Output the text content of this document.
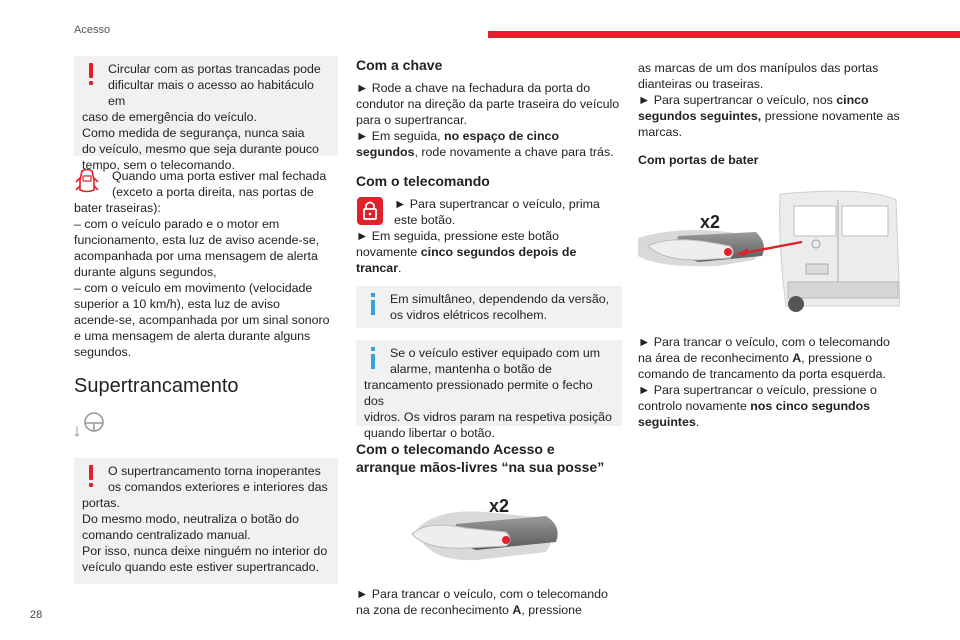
Acesso
Circular com as portas trancadas pode
dificultar mais o acesso ao habitáculo em
caso de emergência do veículo.
Como medida de segurança, nunca saia
do veículo, mesmo que seja durante pouco
tempo, sem o telecomando.
Quando uma porta estiver mal fechada
(exceto a porta direita, nas portas de
bater traseiras):
– com o veículo parado e o motor em
funcionamento, esta luz de aviso acende-se,
acompanhada por uma mensagem de alerta
durante alguns segundos,
– com o veículo em movimento (velocidade
superior a 10 km/h), esta luz de aviso
acende-se, acompanhada por um sinal sonoro
e uma mensagem de alerta durante alguns
segundos.
Supertrancamento
O supertrancamento torna inoperantes
os comandos exteriores e interiores das
portas.
Do mesmo modo, neutraliza o botão do
comando centralizado manual.
Por isso, nunca deixe ninguém no interior do
veículo quando este estiver supertrancado.
Com a chave
► Rode a chave na fechadura da porta do
condutor na direção da parte traseira do veículo
para o supertrancar.
► Em seguida, no espaço de cinco
segundos, rode novamente a chave para trás.
Com o telecomando
► Para supertrancar o veículo, prima
este botão.
► Em seguida, pressione este botão
novamente cinco segundos depois de trancar.
Em simultâneo, dependendo da versão,
os vidros elétricos recolhem.
Se o veículo estiver equipado com um
alarme, mantenha o botão de
trancamento pressionado permite o fecho dos
vidros. Os vidros param na respetiva posição
quando libertar o botão.
Com o telecomando Acesso e
arranque mãos-livres “na sua posse”
x2
► Para trancar o veículo, com o telecomando
na zona de reconhecimento A, pressione
as marcas de um dos manípulos das portas
dianteiras ou traseiras.
► Para supertrancar o veículo, nos cinco
segundos seguintes, pressione novamente as
marcas.
Com portas de bater
x2
► Para trancar o veículo, com o telecomando
na área de reconhecimento A, pressione o
comando de trancamento da porta esquerda.
► Para supertrancar o veículo, pressione o
controlo novamente nos cinco segundos
seguintes.
28
